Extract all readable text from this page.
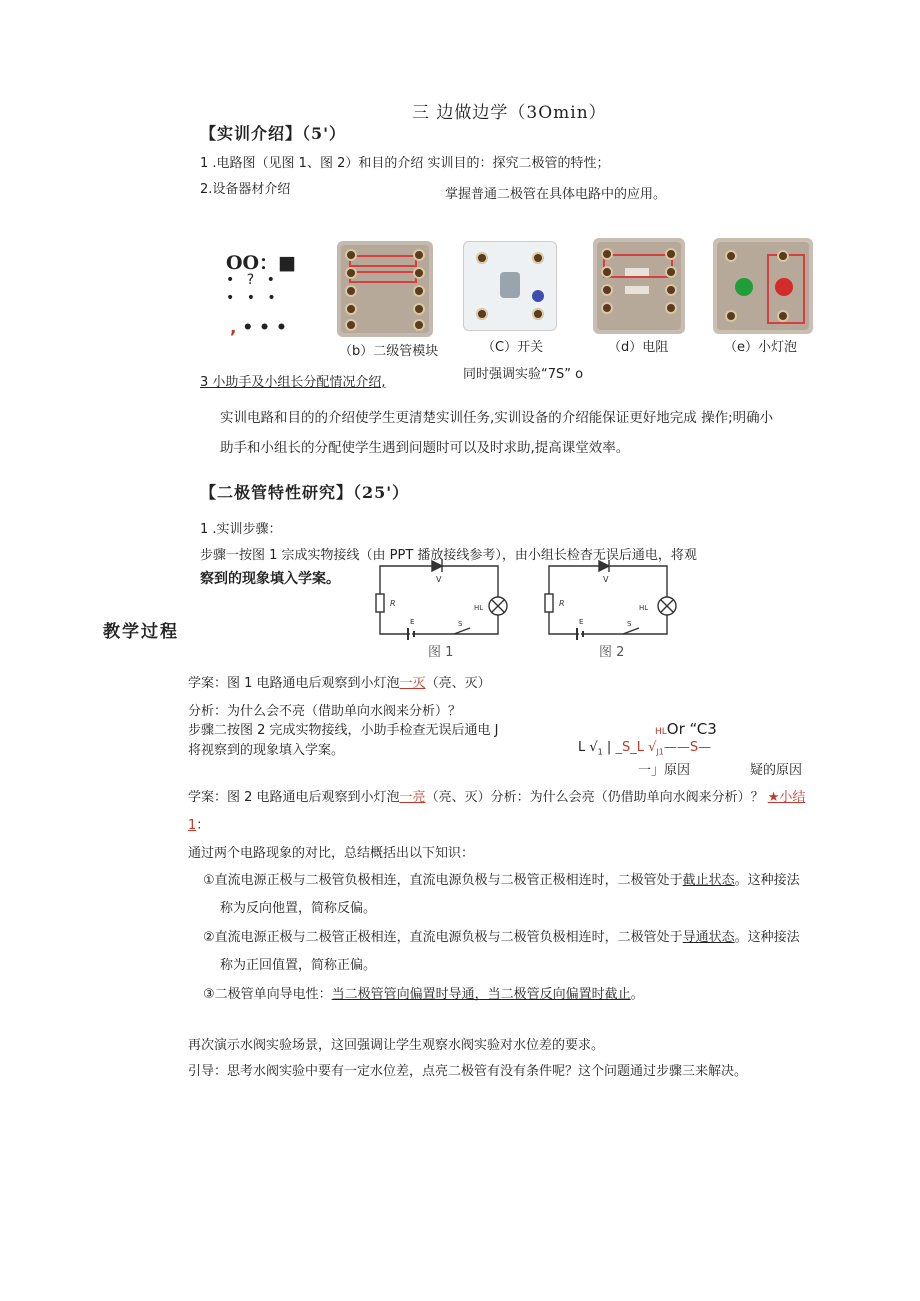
三 边做边学（3Omin）
【实训介绍】（5'）
1 .电路图（见图 1、图 2）和目的介绍 实训目的：探究二极管的特性；
2.设备器材介绍	掌握普通二极管在具体电路中的应用。
OO：■
• ? •
• • •
, • • •
（b）二级管模块	（C）开关	（d）电阻	（e）小灯泡
3 小助手及小组长分配情况介绍,
同时强调实验“7S” o
实训电路和目的的介绍使学生更清楚实训任务,实训设备的介绍能保证更好地完成 操作;明确小
助手和小组长的分配使学生遇到问题时可以及时求助,提高课堂效率。
【二极管特性研究】（25'）
1 .实训步骤：
步骤一按图 1 宗成实物接线（由 PPT 播放接线参考），由小组长检杳无误后通电，将观
察到的现象填入学案。
教学过程
V
R	HL
E	S
图 1
V
R	HL
E	S
图 2
学案：图 1 电路通电后观察到小灯泡一灭（亮、灭）
分析：为什么会不亮（借助单向水阀来分析）？
步骤二按图 2 完成实物接线，小助手检查无误后通电 J
将视察到的现象填入学案。
HLOr “C3
L $√_1$ | _S_L $√_{J1}——S—$
一」原因	疑的原因
学案：图 2 电路通电后观察到小灯泡一亮（亮、灭）分析：为什么会亮（仍借助单向水阀来分析）？ ★小结
1：
通过两个电路现象的对比，总结概括出以下知识：
①直流电源正极与二极管负极相连，直流电源负极与二极管正极相连时，二极管处于截止状态。这种接法
称为反向他置，简称反偏。
②直流电源正极与二极管正极相连，直流电源负极与二极管负极相连时，二极管处于导通状态。这种接法
称为正回值置，简称正偏。
③二极管单向导电性：当二极管管向偏置时导通，当二极管反向偏置时截止。
再次演示水阀实验场景，这回强调让学生观察水阀实验对水位差的要求。
引导：思考水阀实验中要有一定水位差，点亮二极管有没有条件呢？这个问题通过步骤三来解决。
